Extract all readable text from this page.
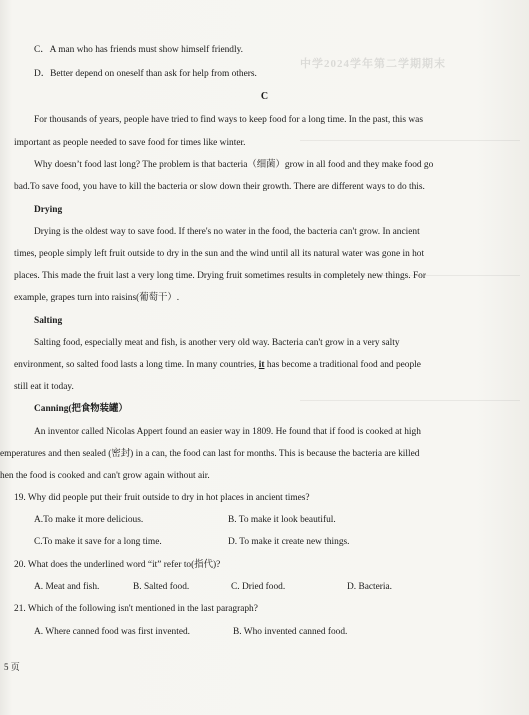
中学2024学年第二学期期末
C．A man who has friends must show himself friendly.
D．Better depend on oneself than ask for help from others.
C
For thousands of years, people have tried to find ways to keep food for a long time. In the past, this was
important as people needed to save food for times like winter.
Why doesn’t food last long? The problem is that bacteria（细菌）grow in all food and they make food go
bad.To save food, you have to kill the bacteria or slow down their growth. There are different ways to do this.
Drying
Drying is the oldest way to save food. If there's no water in the food, the bacteria can't grow. In ancient
times, people simply left fruit outside to dry in the sun and the wind until all its natural water was gone in hot
places. This made the fruit last a very long time. Drying fruit sometimes results in completely new things. For
example, grapes turn into raisins(葡萄干）.
Salting
Salting food, especially meat and fish, is another very old way. Bacteria can't grow in a very salty
environment, so salted food lasts a long time. In many countries, it has become a traditional food and people
still eat it today.
Canning(把食物装罐）
An inventor called Nicolas Appert found an easier way in 1809. He found that if food is cooked at high
emperatures and then sealed (密封) in a can, the food can last for months. This is because the bacteria are killed
hen the food is cooked and can't grow again without air.
19. Why did people put their fruit outside to dry in hot places in ancient times?
A.To make it more delicious.	B. To make it look beautiful.
C.To make it save for a long time.	D. To make it create new things.
20. What does the underlined word “it” refer to(指代)?
A. Meat and fish.	B. Salted food.	C. Dried food.	D. Bacteria.
21. Which of the following isn't mentioned in the last paragraph?
A. Where canned food was first invented.	B. Who invented canned food.
5 页
